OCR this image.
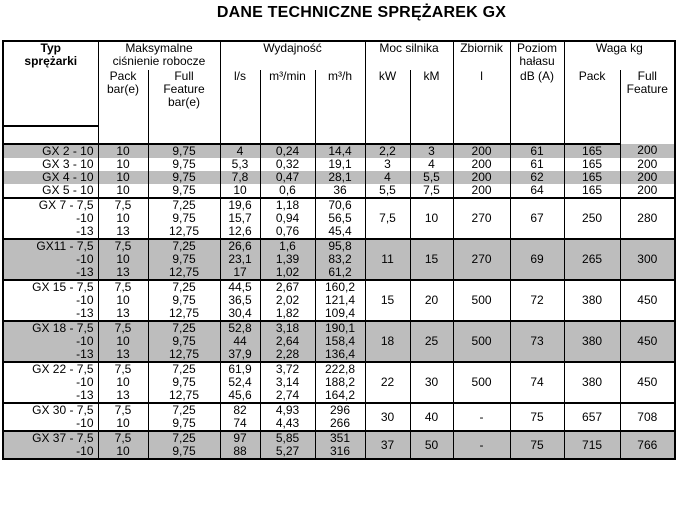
DANE TECHNICZNE SPRĘŻAREK GX
Typ
sprężarki	Maksymalne
ciśnienie robocze		Wydajność			Moc silnika		Zbiornik	Poziom
hałasu	Waga kg	

	Pack
bar(e)	Full
Feature
bar(e)	l/s	m³/min	m³/h	kW	kM	l	dB (A)	Pack	Full
Feature

GX 2 - 10	10	9,75	4	0,24	14,4	2,2	3	200	61	165	200
GX 3 - 10	10	9,75	5,3	0,32	19,1	3	4	200	61	165	200
GX 4 - 10	10	9,75	7,8	0,47	28,1	4	5,5	200	62	165	200
GX 5 - 10	10	9,75	10	0,6	36	5,5	7,5	200	64	165	200
GX 7 - 7,5	7,5	7,25	19,6	1,18	70,6	7,5	10	270	67	250	280
-10	10	9,75	15,7	0,94	56,5						
-13	13	12,75	12,6	0,76	45,4						
GX11 - 7,5	7,5	7,25	26,6	1,6	95,8	11	15	270	69	265	300
-10	10	9,75	23,1	1,39	83,2						
-13	13	12,75	17	1,02	61,2						
GX 15 - 7,5	7,5	7,25	44,5	2,67	160,2	15	20	500	72	380	450
-10	10	9,75	36,5	2,02	121,4						
-13	13	12,75	30,4	1,82	109,4						
GX 18 - 7,5	7,5	7,25	52,8	3,18	190,1	18	25	500	73	380	450
-10	10	9,75	44	2,64	158,4						
-13	13	12,75	37,9	2,28	136,4						
GX 22 - 7,5	7,5	7,25	61,9	3,72	222,8	22	30	500	74	380	450
-10	10	9,75	52,4	3,14	188,2						
-13	13	12,75	45,6	2,74	164,2						
GX 30 - 7,5	7,5	7,25	82	4,93	296	30	40	-	75	657	708
-10	10	9,75	74	4,43	266						
GX 37 - 7,5	7,5	7,25	97	5,85	351	37	50	-	75	715	766
-10	10	9,75	88	5,27	316						
